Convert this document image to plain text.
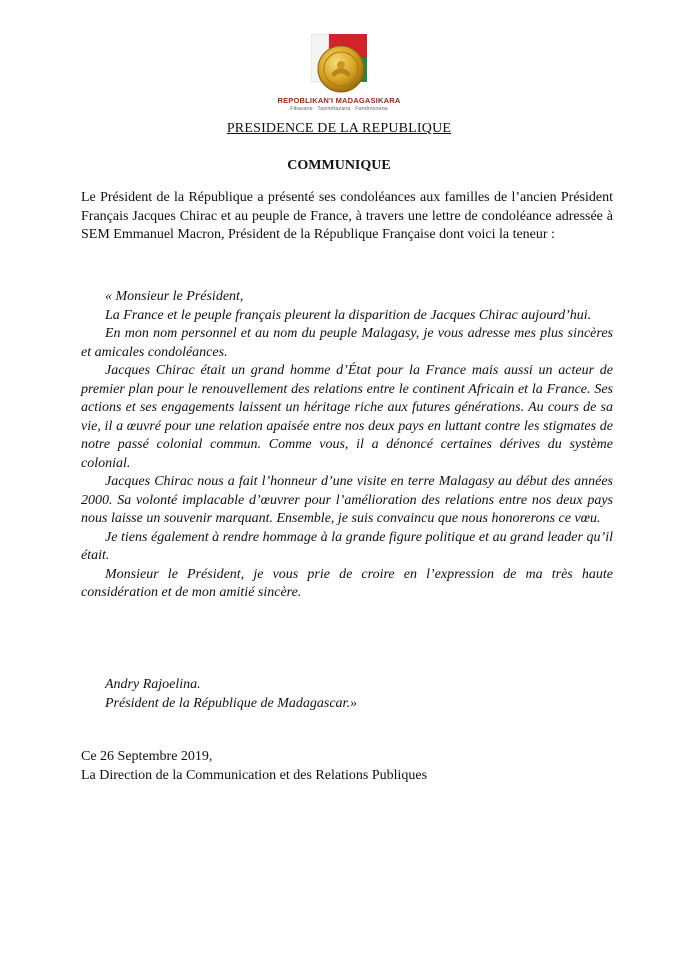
REPOBLIKAN'I MADAGASIKARA
Fitiavana · Tanindrazana · Fandrosoana
PRESIDENCE DE LA REPUBLIQUE
COMMUNIQUE
Le Président de la République a présenté ses condoléances aux familles de l’ancien Président Français Jacques Chirac et au peuple de France, à travers une lettre de condoléance adressée à SEM Emmanuel Macron, Président de la République Française dont voici la teneur :

« Monsieur le Président,

La France et le peuple français pleurent la disparition de Jacques Chirac aujourd’hui.

En mon nom personnel et au nom du peuple Malagasy, je vous adresse mes plus sincères et amicales condoléances.

Jacques Chirac était un grand homme d’État pour la France mais aussi un acteur de premier plan pour le renouvellement des relations entre le continent Africain et la France. Ses actions et ses engagements laissent un héritage riche aux futures générations. Au cours de sa vie, il a œuvré pour une relation apaisée entre nos deux pays en luttant contre les stigmates de notre passé colonial commun. Comme vous, il a dénoncé certaines dérives du système colonial.

Jacques Chirac nous a fait l’honneur d’une visite en terre Malagasy au début des années 2000. Sa volonté implacable d’œuvrer pour l’amélioration des relations entre nos deux pays nous laisse un souvenir marquant. Ensemble, je suis convaincu que nous honorerons ce vœu.

Je tiens également à rendre hommage à la grande figure politique et au grand leader qu’il était.

Monsieur le Président, je vous prie de croire en l’expression de ma très haute considération et de mon amitié sincère.

Andry Rajoelina.
Président de la République de Madagascar.»
Ce 26 Septembre 2019,
La Direction de la Communication et des Relations Publiques
